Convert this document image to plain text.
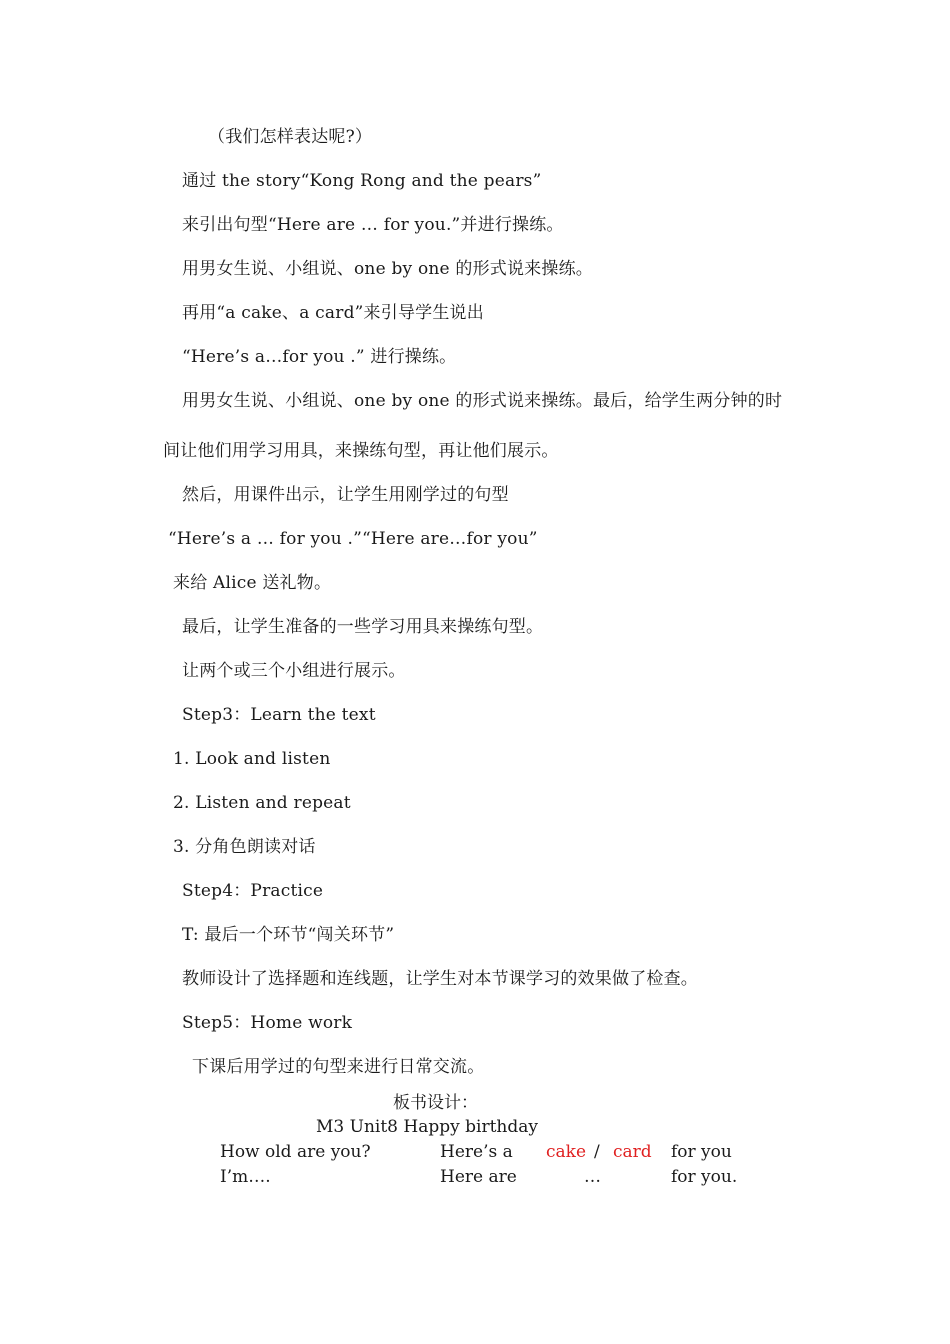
（我们怎样表达呢?）
通过 the story“Kong Rong and the pears”
来引出句型“Here are … for you.”并进行操练。
用男女生说、小组说、one by one 的形式说来操练。
再用“a cake、a card”来引导学生说出
“Here’s a…for you .” 进行操练。
用男女生说、小组说、one by one 的形式说来操练。最后，给学生两分钟的时
间让他们用学习用具，来操练句型，再让他们展示。
然后，用课件出示，让学生用刚学过的句型
“Here’s a … for you .”“Here are…for you”
来给 Alice 送礼物。
最后，让学生准备的一些学习用具来操练句型。
让两个或三个小组进行展示。
Step3：Learn the text
1. Look and listen
2. Listen and repeat
3. 分角色朗读对话
Step4：Practice
T: 最后一个环节“闯关环节”
教师设计了选择题和连线题，让学生对本节课学习的效果做了检查。
Step5：Home work
下课后用学过的句型来进行日常交流。
板书设计：
M3 Unit8 Happy birthday
How old are you?	Here’s a cake / card for you
I’m….	Here are	…	for you.
